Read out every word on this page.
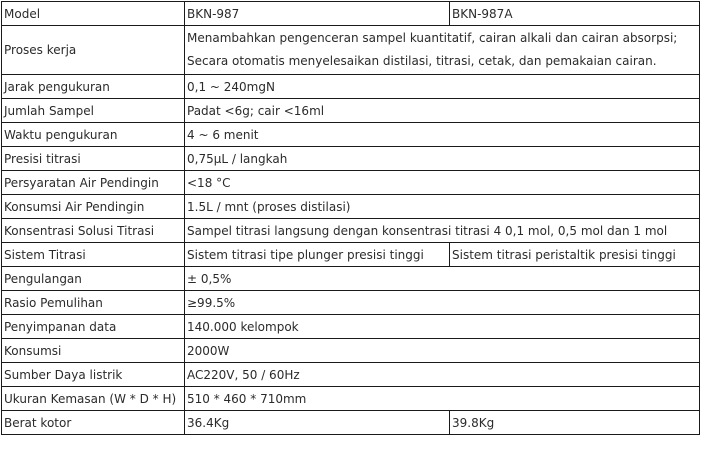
Model	BKN-987	BKN-987A
Proses kerja	Menambahkan pengenceran sampel kuantitatif, cairan alkali dan cairan absorpsi;
Secara otomatis menyelesaikan distilasi, titrasi, cetak, dan pemakaian cairan.	

Jarak pengukuran	0,1 ~ 240mgN	
Jumlah Sampel	Padat <6g; cair <16ml	
Waktu pengukuran	4 ~ 6 menit	
Presisi titrasi	0,75μL / langkah	
Persyaratan Air Pendingin	<18 °C	
Konsumsi Air Pendingin	1.5L / mnt (proses distilasi)	
Konsentrasi Solusi Titrasi	Sampel titrasi langsung dengan konsentrasi titrasi 4 0,1 mol, 0,5 mol dan 1 mol	
Sistem Titrasi	Sistem titrasi tipe plunger presisi tinggi	Sistem titrasi peristaltik presisi tinggi
Pengulangan	± 0,5%	
Rasio Pemulihan	≥99.5%	
Penyimpanan data	140.000 kelompok	
Konsumsi	2000W	
Sumber Daya listrik	AC220V, 50 / 60Hz	
Ukuran Kemasan (W * D * H)	510 * 460 * 710mm	
Berat kotor	36.4Kg	39.8Kg
